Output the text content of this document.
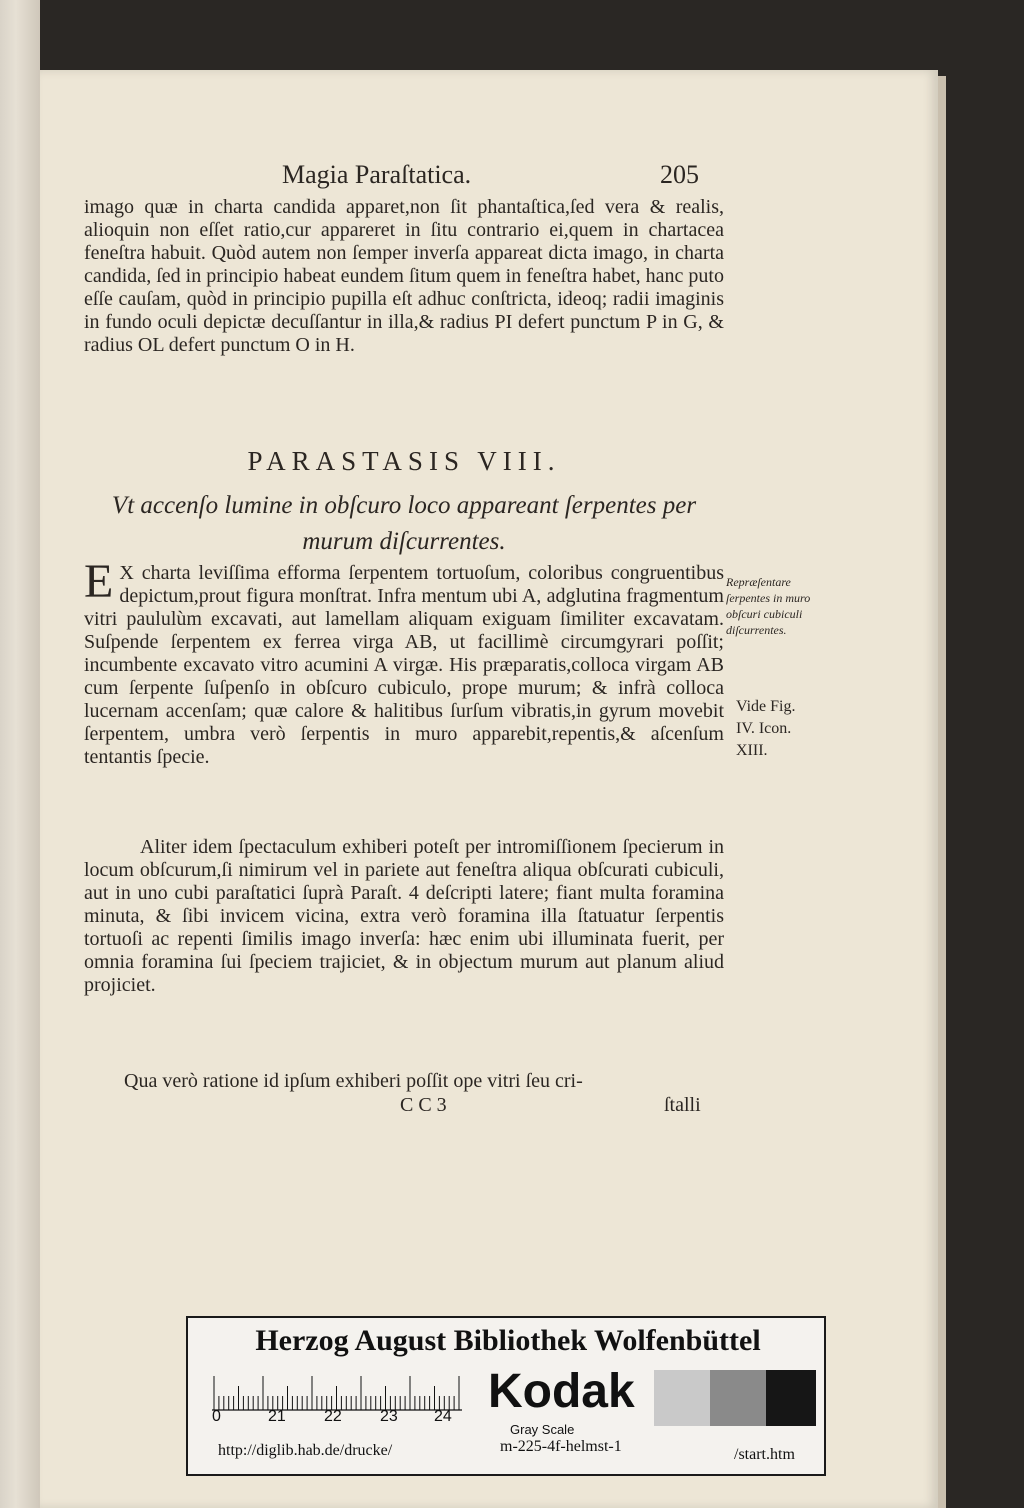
Magia Paraſtatica.	205
imago quæ in charta candida apparet,non ſit phantaſtica,ſed vera & realis, alioquin non eſſet ratio,cur appareret in ſitu contrario ei,quem in chartacea feneſtra habuit. Quòd autem non ſemper inverſa appareat dicta imago, in charta candida, ſed in principio habeat eundem ſitum quem in feneſtra habet, hanc puto eſſe cauſam, quòd in principio pupilla eſt adhuc conſtricta, ideoq; radii imaginis in fundo oculi depictæ decuſſantur in illa,& radius PI defert punctum P in G, & radius OL defert punctum O in H.
PARASTASIS VIII.
Vt accenſo lumine in obſcuro loco appareant ſerpentes per murum diſcurrentes.
E X charta leviſſima efforma ſerpentem tortuoſum, coloribus congruentibus depictum,prout figura monſtrat. Infra mentum ubi A, adglutina fragmentum vitri paululùm excavati, aut lamellam aliquam exiguam ſimiliter excavatam. Suſpende ſerpentem ex ferrea virga AB, ut facillimè circumgyrari poſſit; incumbente excavato vitro acumini A virgæ. His præparatis,colloca virgam AB cum ſerpente ſuſpenſo in obſcuro cubiculo, prope murum; & infrà colloca lucernam accenſam; quæ calore & halitibus ſurſum vibratis,in gyrum movebit ſerpentem, umbra verò ſerpentis in muro apparebit,repentis,& aſcenſum tentantis ſpecie.
Repræſentare ſerpentes in muro obſcuri cubiculi diſcurrentes.
Vide Fig. IV. Icon. XIII.
Aliter idem ſpectaculum exhiberi poteſt per intromiſſionem ſpecierum in locum obſcurum,ſi nimirum vel in pariete aut feneſtra aliqua obſcurati cubiculi, aut in uno cubi paraſtatici ſuprà Paraſt. 4 deſcripti latere; fiant multa foramina minuta, & ſibi invicem vicina, extra verò foramina illa ſtatuatur ſerpentis tortuoſi ac repenti ſimilis imago inverſa: hæc enim ubi illuminata fuerit, per omnia foramina ſui ſpeciem trajiciet, & in objectum murum aut planum aliud projiciet.
Qua verò ratione id ipſum exhiberi poſſit ope vitri ſeu cri-
C C 3	ſtalli
Herzog August Bibliothek Wolfenbüttel
0	21 22 23 24 Kodak
Gray Scale
http://diglib.hab.de/drucke/	m-225-4f-helmst-1	/start.htm
